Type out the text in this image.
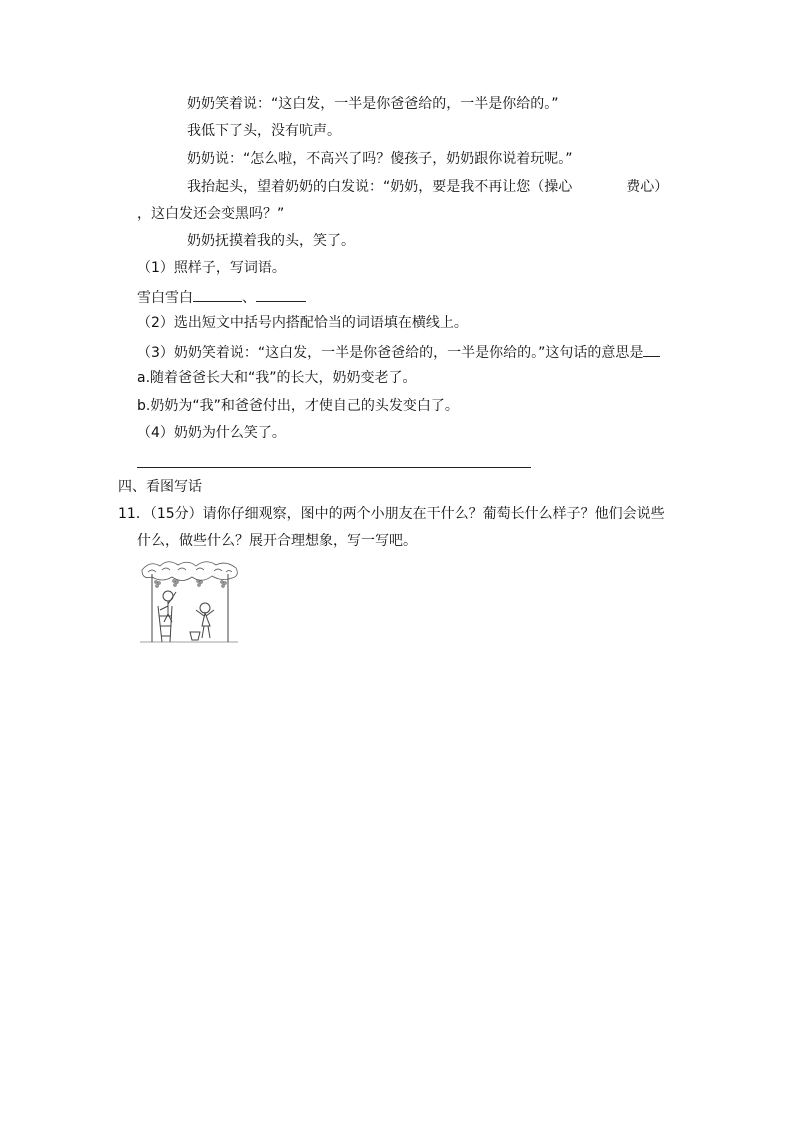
奶奶笑着说：“这白发，一半是你爸爸给的，一半是你给的。”
我低下了头，没有吭声。
奶奶说：“怎么啦，不高兴了吗？傻孩子，奶奶跟你说着玩呢。”
我抬起头，望着奶奶的白发说：“奶奶，要是我不再让您（操心	费心）
，这白发还会变黑吗？”
奶奶抚摸着我的头，笑了。
（1）照样子，写词语。
雪白雪白	、
（2）选出短文中括号内搭配恰当的词语填在横线上。
（3）奶奶笑着说：“这白发，一半是你爸爸给的，一半是你给的。”这句话的意思是
a.随着爸爸长大和“我”的长大，奶奶变老了。
b.奶奶为“我”和爸爸付出，才使自己的头发变白了。
（4）奶奶为什么笑了。
四、看图写话
11．（15分）请你仔细观察，图中的两个小朋友在干什么？葡萄长什么样子？他们会说些
什么，做些什么？展开合理想象，写一写吧。
